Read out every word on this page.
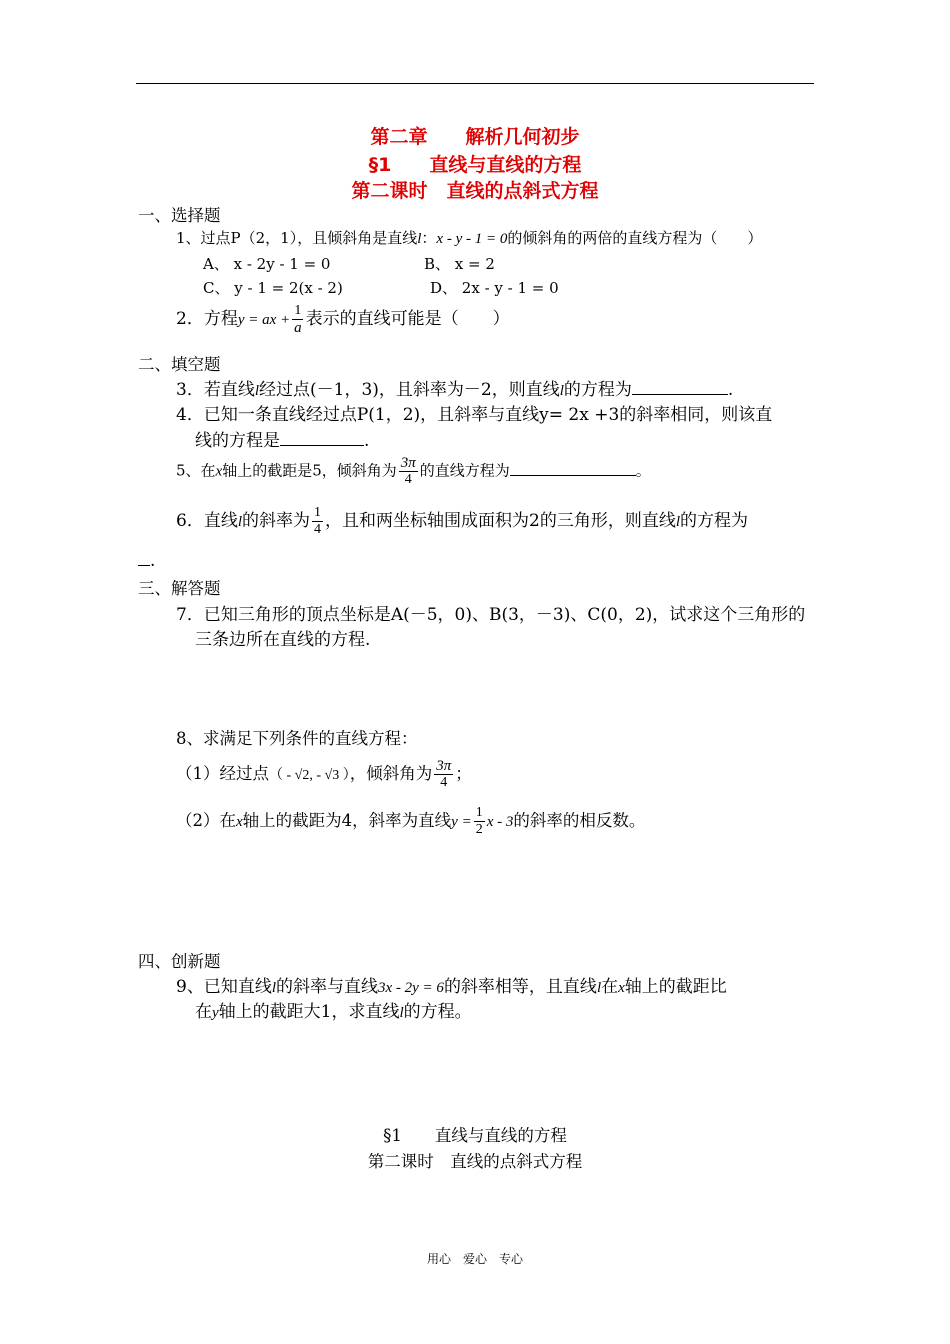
第二章　　解析几何初步
§1　　直线与直线的方程
第二课时　直线的点斜式方程
一、选择题
1、过点P（2，1），且倾斜角是直线l：x - y - 1 = 0的倾斜角的两倍的直线方程为（　　）
A、 x - 2y - 1 = 0	B、 x = 2
C、 y - 1 = 2(x - 2)	D、 2x - y - 1 = 0
2．方程y = ax + $\frac{1}{a}$ 表示的直线可能是（　　）
二、填空题
3．若直线l经过点(－1，3)，且斜率为－2，则直线l的方程为	.
4．已知一条直线经过点P(1，2)，且斜率与直线y= 2x +3的斜率相同，则该直
线的方程是	.
5、在x轴上的截距是5，倾斜角为 $\frac{3\pi}{4}$ 的直线方程为	。
6．直线l的斜率为 $\frac{1}{4}$ ，且和两坐标轴围成面积为2的三角形，则直线l的方程为
.
三、解答题
7．已知三角形的顶点坐标是A(－5，0)、B(3，－3)、C(0，2)，试求这个三角形的
三条边所在直线的方程.
8、求满足下列条件的直线方程：
（1）经过点（ - √2, - √3 ），倾斜角为 $\frac{3\pi}{4}$ ；
（2）在x轴上的截距为4，斜率为直线$y = \frac{1}{2}$ x - 3的斜率的相反数。
四、创新题
9、已知直线l的斜率与直线3x - 2y = 6的斜率相等，且直线l在x轴上的截距比
在y轴上的截距大1，求直线l的方程。
§1　　直线与直线的方程
第二课时　直线的点斜式方程
用心　爱心　专心
